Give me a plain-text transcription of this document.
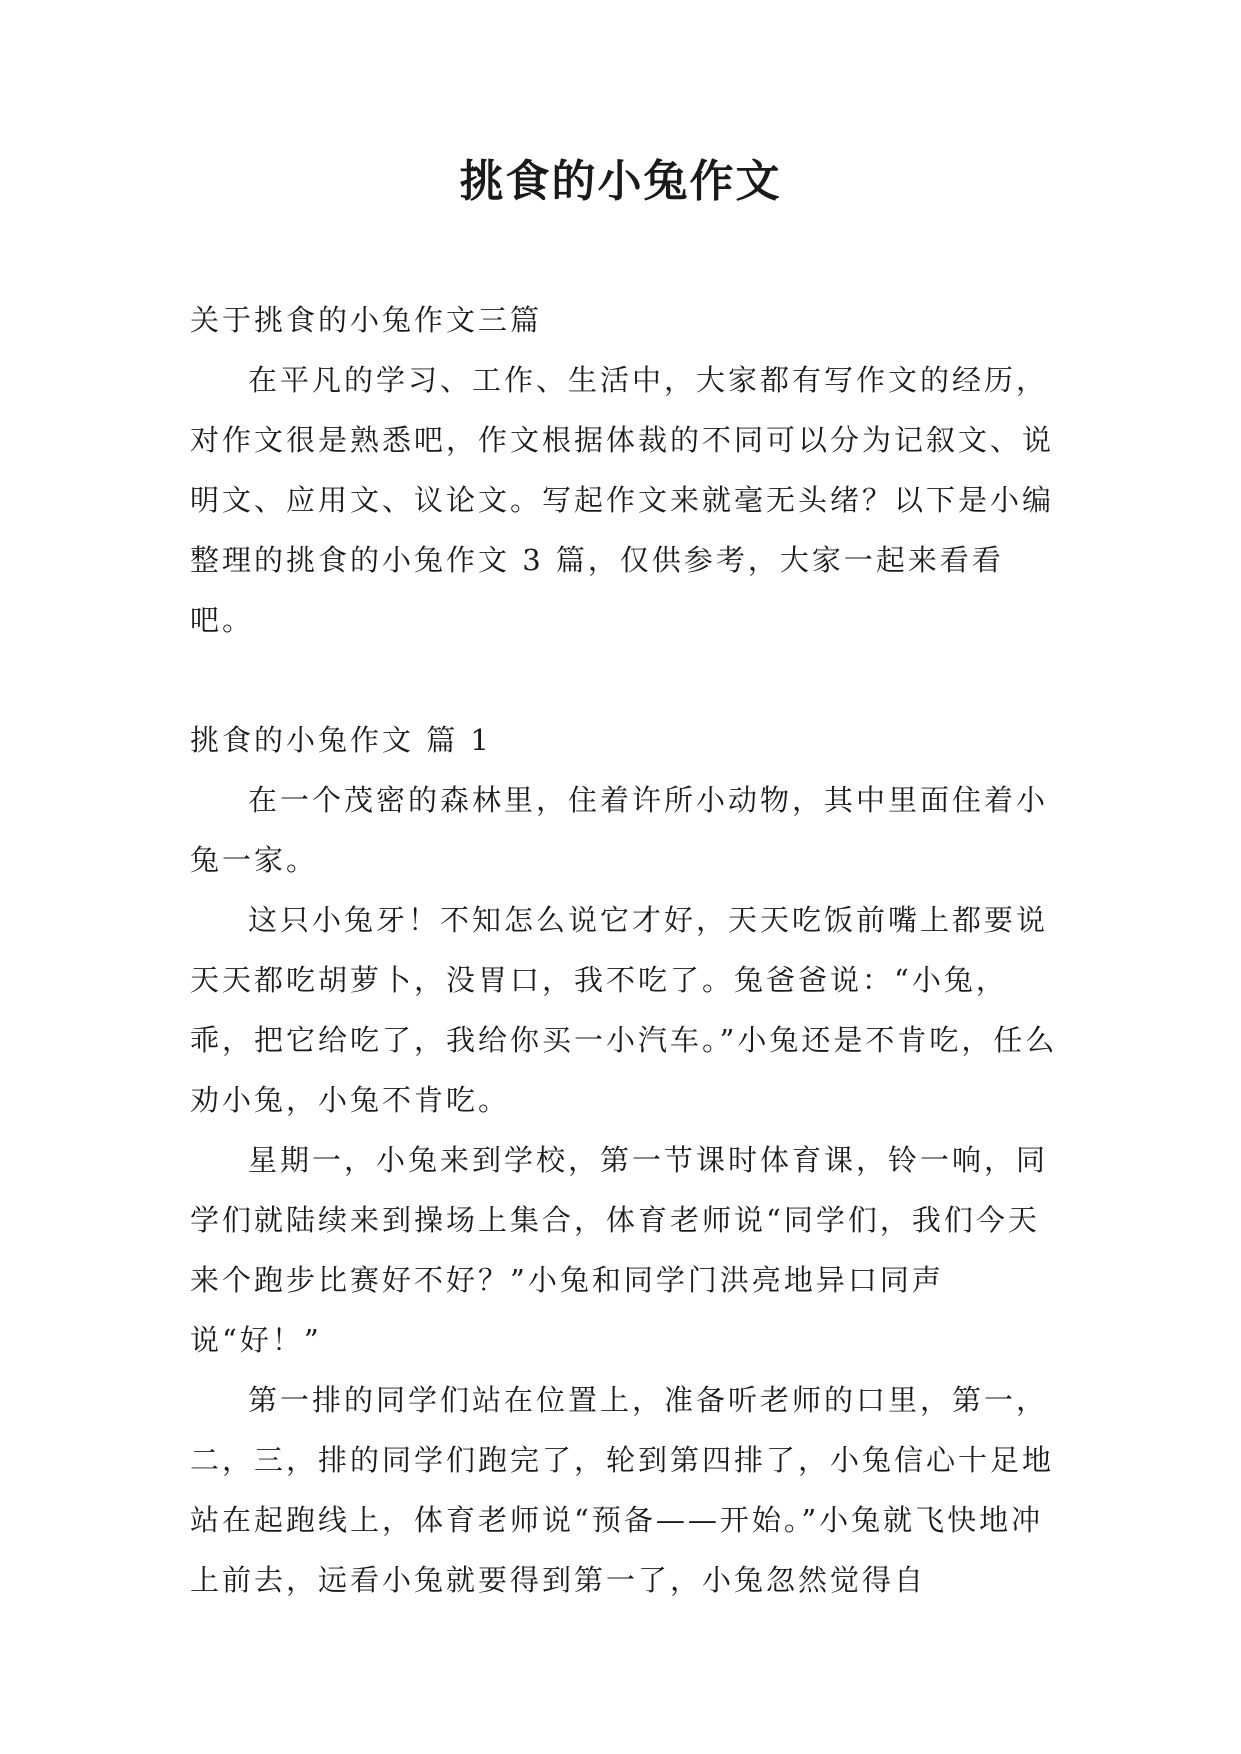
挑食的小兔作文

关于挑食的小兔作文三篇

在平凡的学习、工作、生活中，大家都有写作文的经历，对作文很是熟悉吧，作文根据体裁的不同可以分为记叙文、说明文、应用文、议论文。写起作文来就毫无头绪？以下是小编整理的挑食的小兔作文 3 篇，仅供参考，大家一起来看看吧。

挑食的小兔作文 篇 1

在一个茂密的森林里，住着许所小动物，其中里面住着小兔一家。

这只小兔牙！不知怎么说它才好，天天吃饭前嘴上都要说天天都吃胡萝卜，没胃口，我不吃了。兔爸爸说：“小兔，乖，把它给吃了，我给你买一小汽车。”小兔还是不肯吃，任么劝小兔，小兔不肯吃。

星期一，小兔来到学校，第一节课时体育课，铃一响，同学们就陆续来到操场上集合，体育老师说“同学们，我们今天来个跑步比赛好不好？”小兔和同学门洪亮地异口同声说“好！”

第一排的同学们站在位置上，准备听老师的口里，第一，二，三，排的同学们跑完了，轮到第四排了，小兔信心十足地站在起跑线上，体育老师说“预备——开始。”小兔就飞快地冲上前去，远看小兔就要得到第一了，小兔忽然觉得自
